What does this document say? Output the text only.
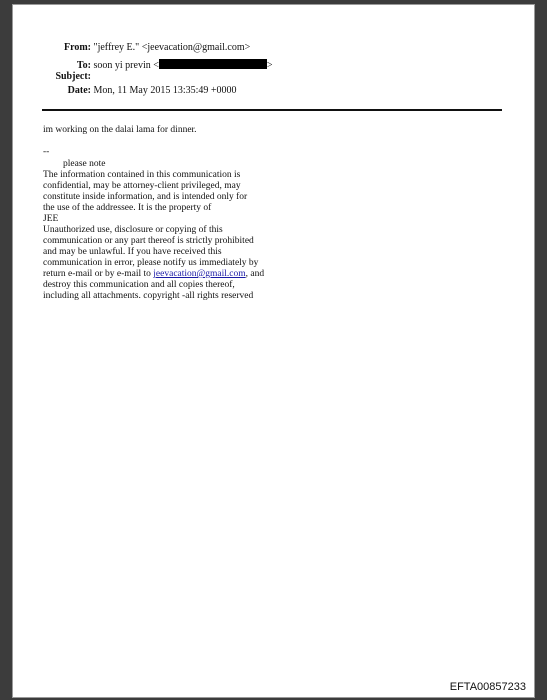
From: "jeffrey E." <jeevacation@gmail.com>
To: soon yi previn <	>
Subject:
Date: Mon, 11 May 2015 13:35:49 +0000
im working on the dalai lama for dinner.
--
please note
The information contained in this communication is
confidential, may be attorney-client privileged, may
constitute inside information, and is intended only for
the use of the addressee. It is the property of
JEE
Unauthorized use, disclosure or copying of this
communication or any part thereof is strictly prohibited
and may be unlawful. If you have received this
communication in error, please notify us immediately by
return e-mail or by e-mail to jeevacation@gmail.com, and
destroy this communication and all copies thereof,
including all attachments. copyright -all rights reserved
EFTA00857233
